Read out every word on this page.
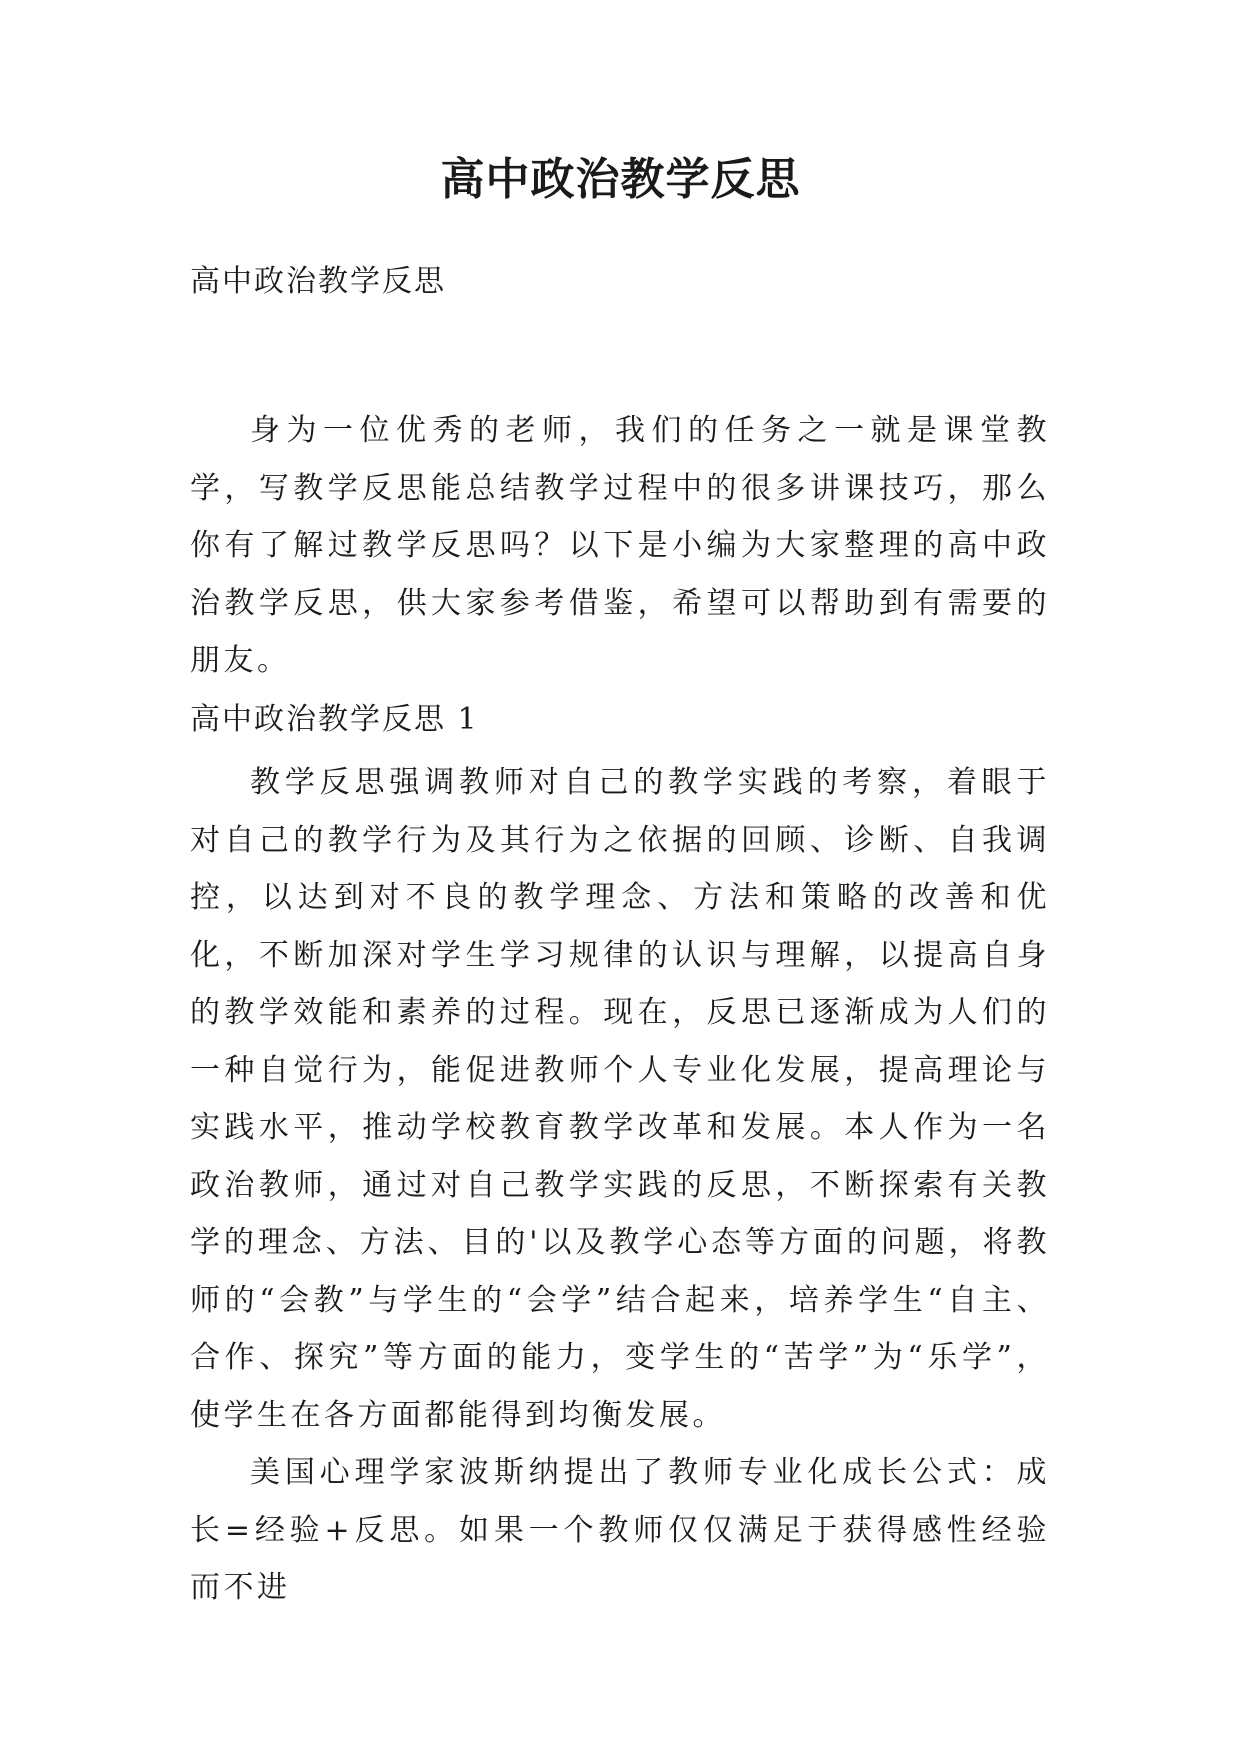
高中政治教学反思

高中政治教学反思

身为一位优秀的老师，我们的任务之一就是课堂教学，写教学反思能总结教学过程中的很多讲课技巧，那么你有了解过教学反思吗？以下是小编为大家整理的高中政治教学反思，供大家参考借鉴，希望可以帮助到有需要的朋友。

高中政治教学反思 1

教学反思强调教师对自己的教学实践的考察，着眼于对自己的教学行为及其行为之依据的回顾、诊断、自我调控，以达到对不良的教学理念、方法和策略的改善和优化，不断加深对学生学习规律的认识与理解，以提高自身的教学效能和素养的过程。现在，反思已逐渐成为人们的一种自觉行为，能促进教师个人专业化发展，提高理论与实践水平，推动学校教育教学改革和发展。本人作为一名政治教师，通过对自己教学实践的反思，不断探索有关教学的理念、方法、目的'以及教学心态等方面的问题，将教师的“会教”与学生的“会学”结合起来，培养学生“自主、合作、探究”等方面的能力，变学生的“苦学”为“乐学”，使学生在各方面都能得到均衡发展。

美国心理学家波斯纳提出了教师专业化成长公式：成长=经验+反思。如果一个教师仅仅满足于获得感性经验而不进
